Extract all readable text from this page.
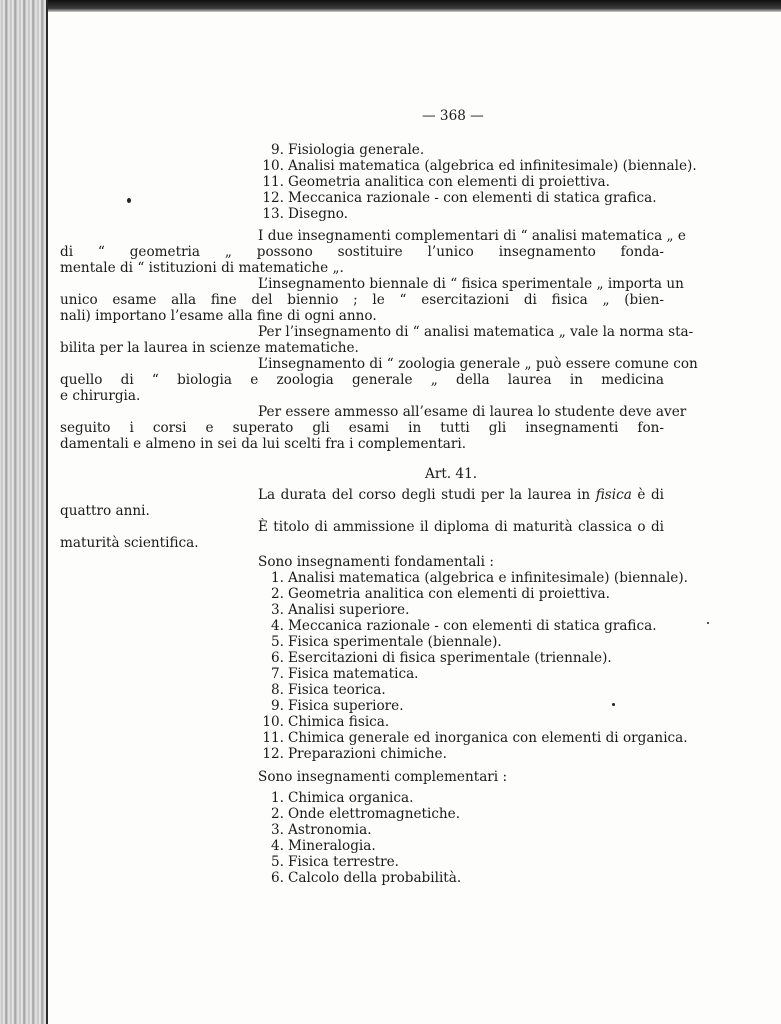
— 368 —
9. Fisiologia generale.
10. Analisi matematica (algebrica ed infinitesimale) (biennale).
11. Geometria analitica con elementi di proiettiva.
12. Meccanica razionale - con elementi di statica grafica.
13. Disegno.
I due insegnamenti complementari di “ analisi matematica „ e
di “ geometria „ possono sostituire l’unico insegnamento fonda-
mentale di “ istituzioni di matematiche „.
L’insegnamento biennale di “ fisica sperimentale „ importa un
unico esame alla fine del biennio ; le “ esercitazioni di fisica „ (bien-
nali) importano l’esame alla fine di ogni anno.
Per l’insegnamento di “ analisi matematica „ vale la norma sta-
bilita per la laurea in scienze matematiche.
L’insegnamento di “ zoologia generale „ può essere comune con
quello di “ biologia e zoologia generale „ della laurea in medicina
e chirurgia.
Per essere ammesso all’esame di laurea lo studente deve aver
seguito i corsi e superato gli esami in tutti gli insegnamenti fon-
damentali e almeno in sei da lui scelti fra i complementari.
Art. 41.
La durata del corso degli studi per la laurea in fisica è di
quattro anni.
È titolo di ammissione il diploma di maturità classica o di
maturità scientifica.
Sono insegnamenti fondamentali :
1. Analisi matematica (algebrica e infinitesimale) (biennale).
2. Geometria analitica con elementi di proiettiva.
3. Analisi superiore.
4. Meccanica razionale - con elementi di statica grafica.
5. Fisica sperimentale (biennale).
6. Esercitazioni di fisica sperimentale (triennale).
7. Fisica matematica.
8. Fisica teorica.
9. Fisica superiore.
10. Chimica fisica.
11. Chimica generale ed inorganica con elementi di organica.
12. Preparazioni chimiche.
Sono insegnamenti complementari :
1. Chimica organica.
2. Onde elettromagnetiche.
3. Astronomia.
4. Mineralogia.
5. Fisica terrestre.
6. Calcolo della probabilità.
